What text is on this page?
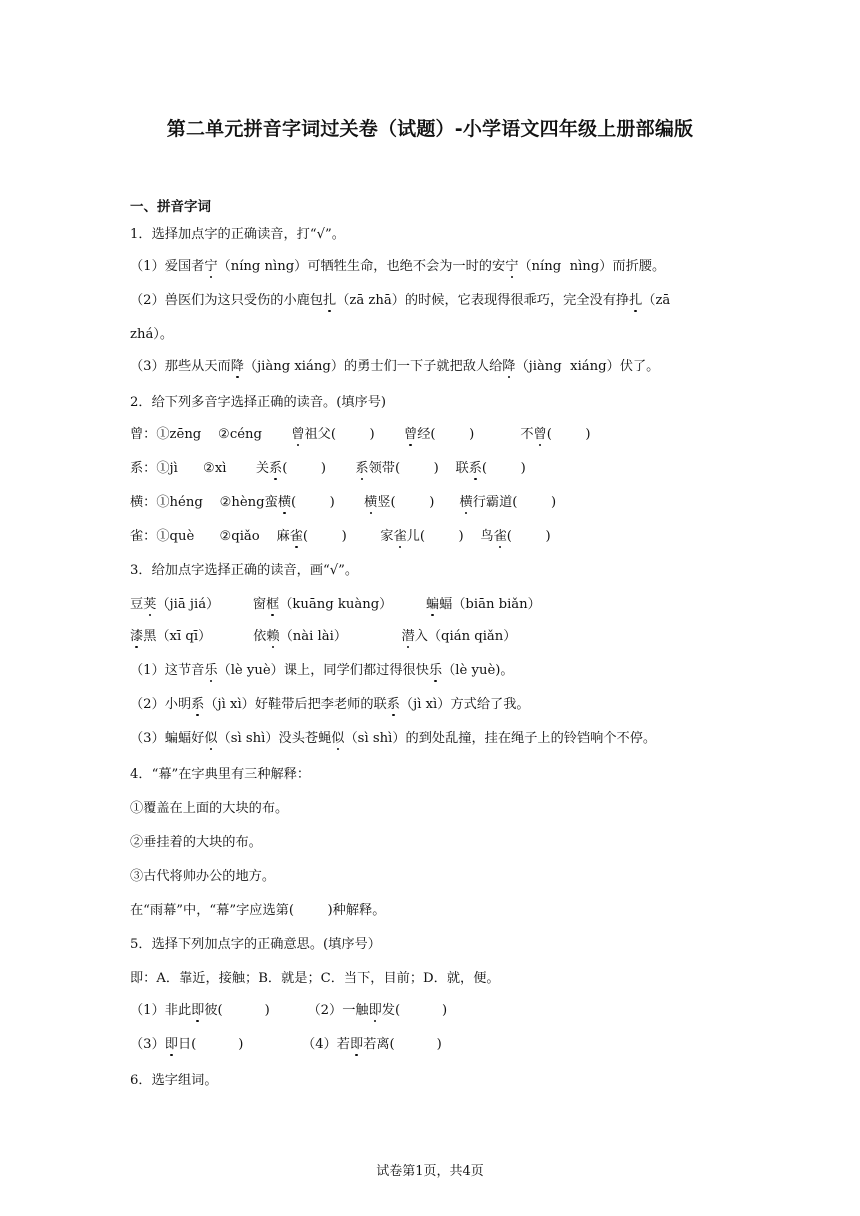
第二单元拼音字词过关卷（试题）-小学语文四年级上册部编版
一、拼音字词
1．选择加点字的正确读音，打“√”。
（1）爱国者宁（níng nìng）可牺牲生命，也绝不会为一时的安宁（níng  nìng）而折腰。
（2）兽医们为这只受伤的小鹿包扎（zā zhā）的时候，它表现得很乖巧，完全没有挣扎（zā
zhá）。
（3）那些从天而降（jiàng xiáng）的勇士们一下子就把敌人给降（jiàng  xiáng）伏了。
2．给下列多音字选择正确的读音。(填序号)
曾：①zēng    ②céng       曾祖父(        )       曾经(        )           不曾(        )
系：①jì      ②xì       关系(        )       系领带(        )    联系(        )
横：①héng    ②hèng蛮横(        )       横竖(        )      横行霸道(        )
雀：①què      ②qiǎo    麻雀(        )        家雀儿(        )    鸟雀(        )
3．给加点字选择正确的读音，画“√”。
豆荚（jiā jiá）        窗框（kuāng kuàng）        蝙蝠（biān biǎn）
漆黑（xī qī）          依赖（nài lài）             潜入（qián qiǎn）
（1）这节音乐（lè yuè）课上，同学们都过得很快乐（lè yuè)。
（2）小明系（jì xì）好鞋带后把李老师的联系（jì xì）方式给了我。
（3）蝙蝠好似（sì shì）没头苍蝇似（sì shì）的到处乱撞，挂在绳子上的铃铛响个不停。
4．“幕”在字典里有三种解释：
①覆盖在上面的大块的布。
②垂挂着的大块的布。
③古代将帅办公的地方。
在“雨幕”中，“幕”字应选第(        )种解释。
5．选择下列加点字的正确意思。(填序号）
即：A．靠近，接触；B．就是；C．当下，目前；D．就，便。
（1）非此即彼(          )         （2）一触即发(          )
（3）即日(          )              （4）若即若离(          )
6．选字组词。
试卷第1页，共4页
